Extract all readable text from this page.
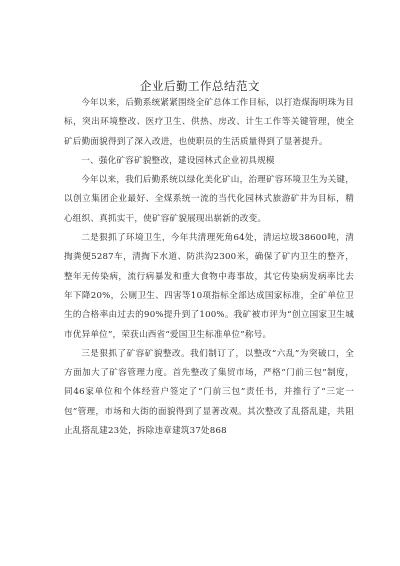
企业后勤工作总结范文

今年以来，后勤系统紧紧围绕全矿总体工作目标，以打造煤海明珠为目标，突出环境整改、医疗卫生、供热、房改、计生工作等关键管理，使全矿后勤面貌得到了深入改进，也使职员的生活质量得到了显著提升。

一、强化矿容矿貌整改，建设园林式企业初具规模

今年以来，我们后勤系统以绿化美化矿山，治理矿容环境卫生为关键，以创立集团企业最好、全煤系统一流的当代化园林式旅游矿井为目标，精心组织、真抓实干，使矿容矿貌展现出崭新的改变。

二是狠抓了环境卫生，今年共清理死角64处，清运垃圾38600吨，清掏粪便5287车，清掏下水道、防洪沟2300米，确保了矿内卫生的整齐，整年无传染病，流行病暴发和重大食物中毒事故，其它传染病发病率比去年下降20%，公厕卫生、四害等10项指标全部达成国家标准，全矿单位卫生的合格率由过去的90%提升到了100%。我矿被市评为“创立国家卫生城市优异单位”，荣获山西省“爱国卫生标准单位”称号。

三是狠抓了矿容矿貌整改。我们制订了，以整改“六乱”为突破口，全方面加大了矿容管理力度。首先整改了集贸市场，严格“门前三包”制度，同46家单位和个体经营户签定了“门前三包”责任书，并推行了“三定一包”管理，市场和大街的面貌得到了显著改观。其次整改了乱搭乱建，共阻止乱搭乱建23处，拆除违章建筑37处868
